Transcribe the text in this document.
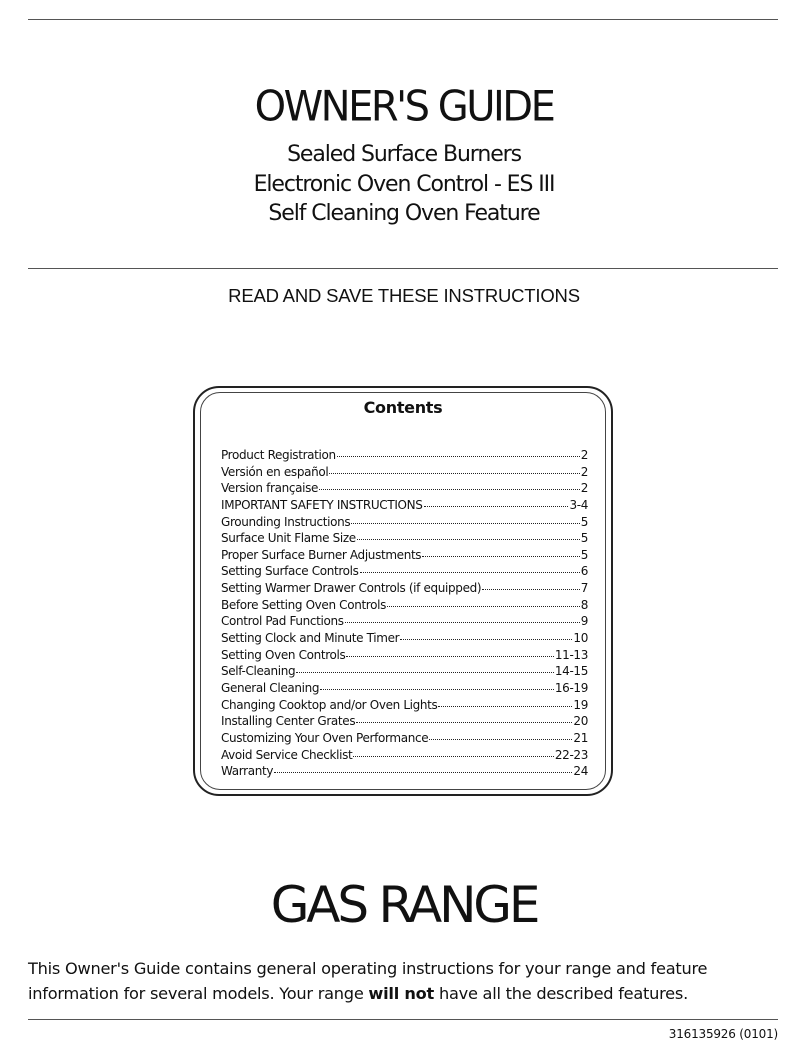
OWNER'S GUIDE
Sealed Surface Burners
Electronic Oven Control - ES III
Self Cleaning Oven Feature
READ AND SAVE THESE INSTRUCTIONS
Contents
Product Registration	2
Versión en español	2
Version française	2
IMPORTANT SAFETY INSTRUCTIONS	3-4
Grounding Instructions	5
Surface Unit Flame Size	5
Proper Surface Burner Adjustments	5
Setting Surface Controls	6
Setting Warmer Drawer Controls (if equipped)	7
Before Setting Oven Controls	8
Control Pad Functions	9
Setting Clock and Minute Timer	10
Setting Oven Controls	11-13
Self-Cleaning	14-15
General Cleaning	16-19
Changing Cooktop and/or Oven Lights	19
Installing Center Grates	20
Customizing Your Oven Performance	21
Avoid Service Checklist	22-23
Warranty	24
GAS RANGE
This Owner's Guide contains general operating instructions for your range and feature information for several models. Your range will not have all the described features.
316135926 (0101)
